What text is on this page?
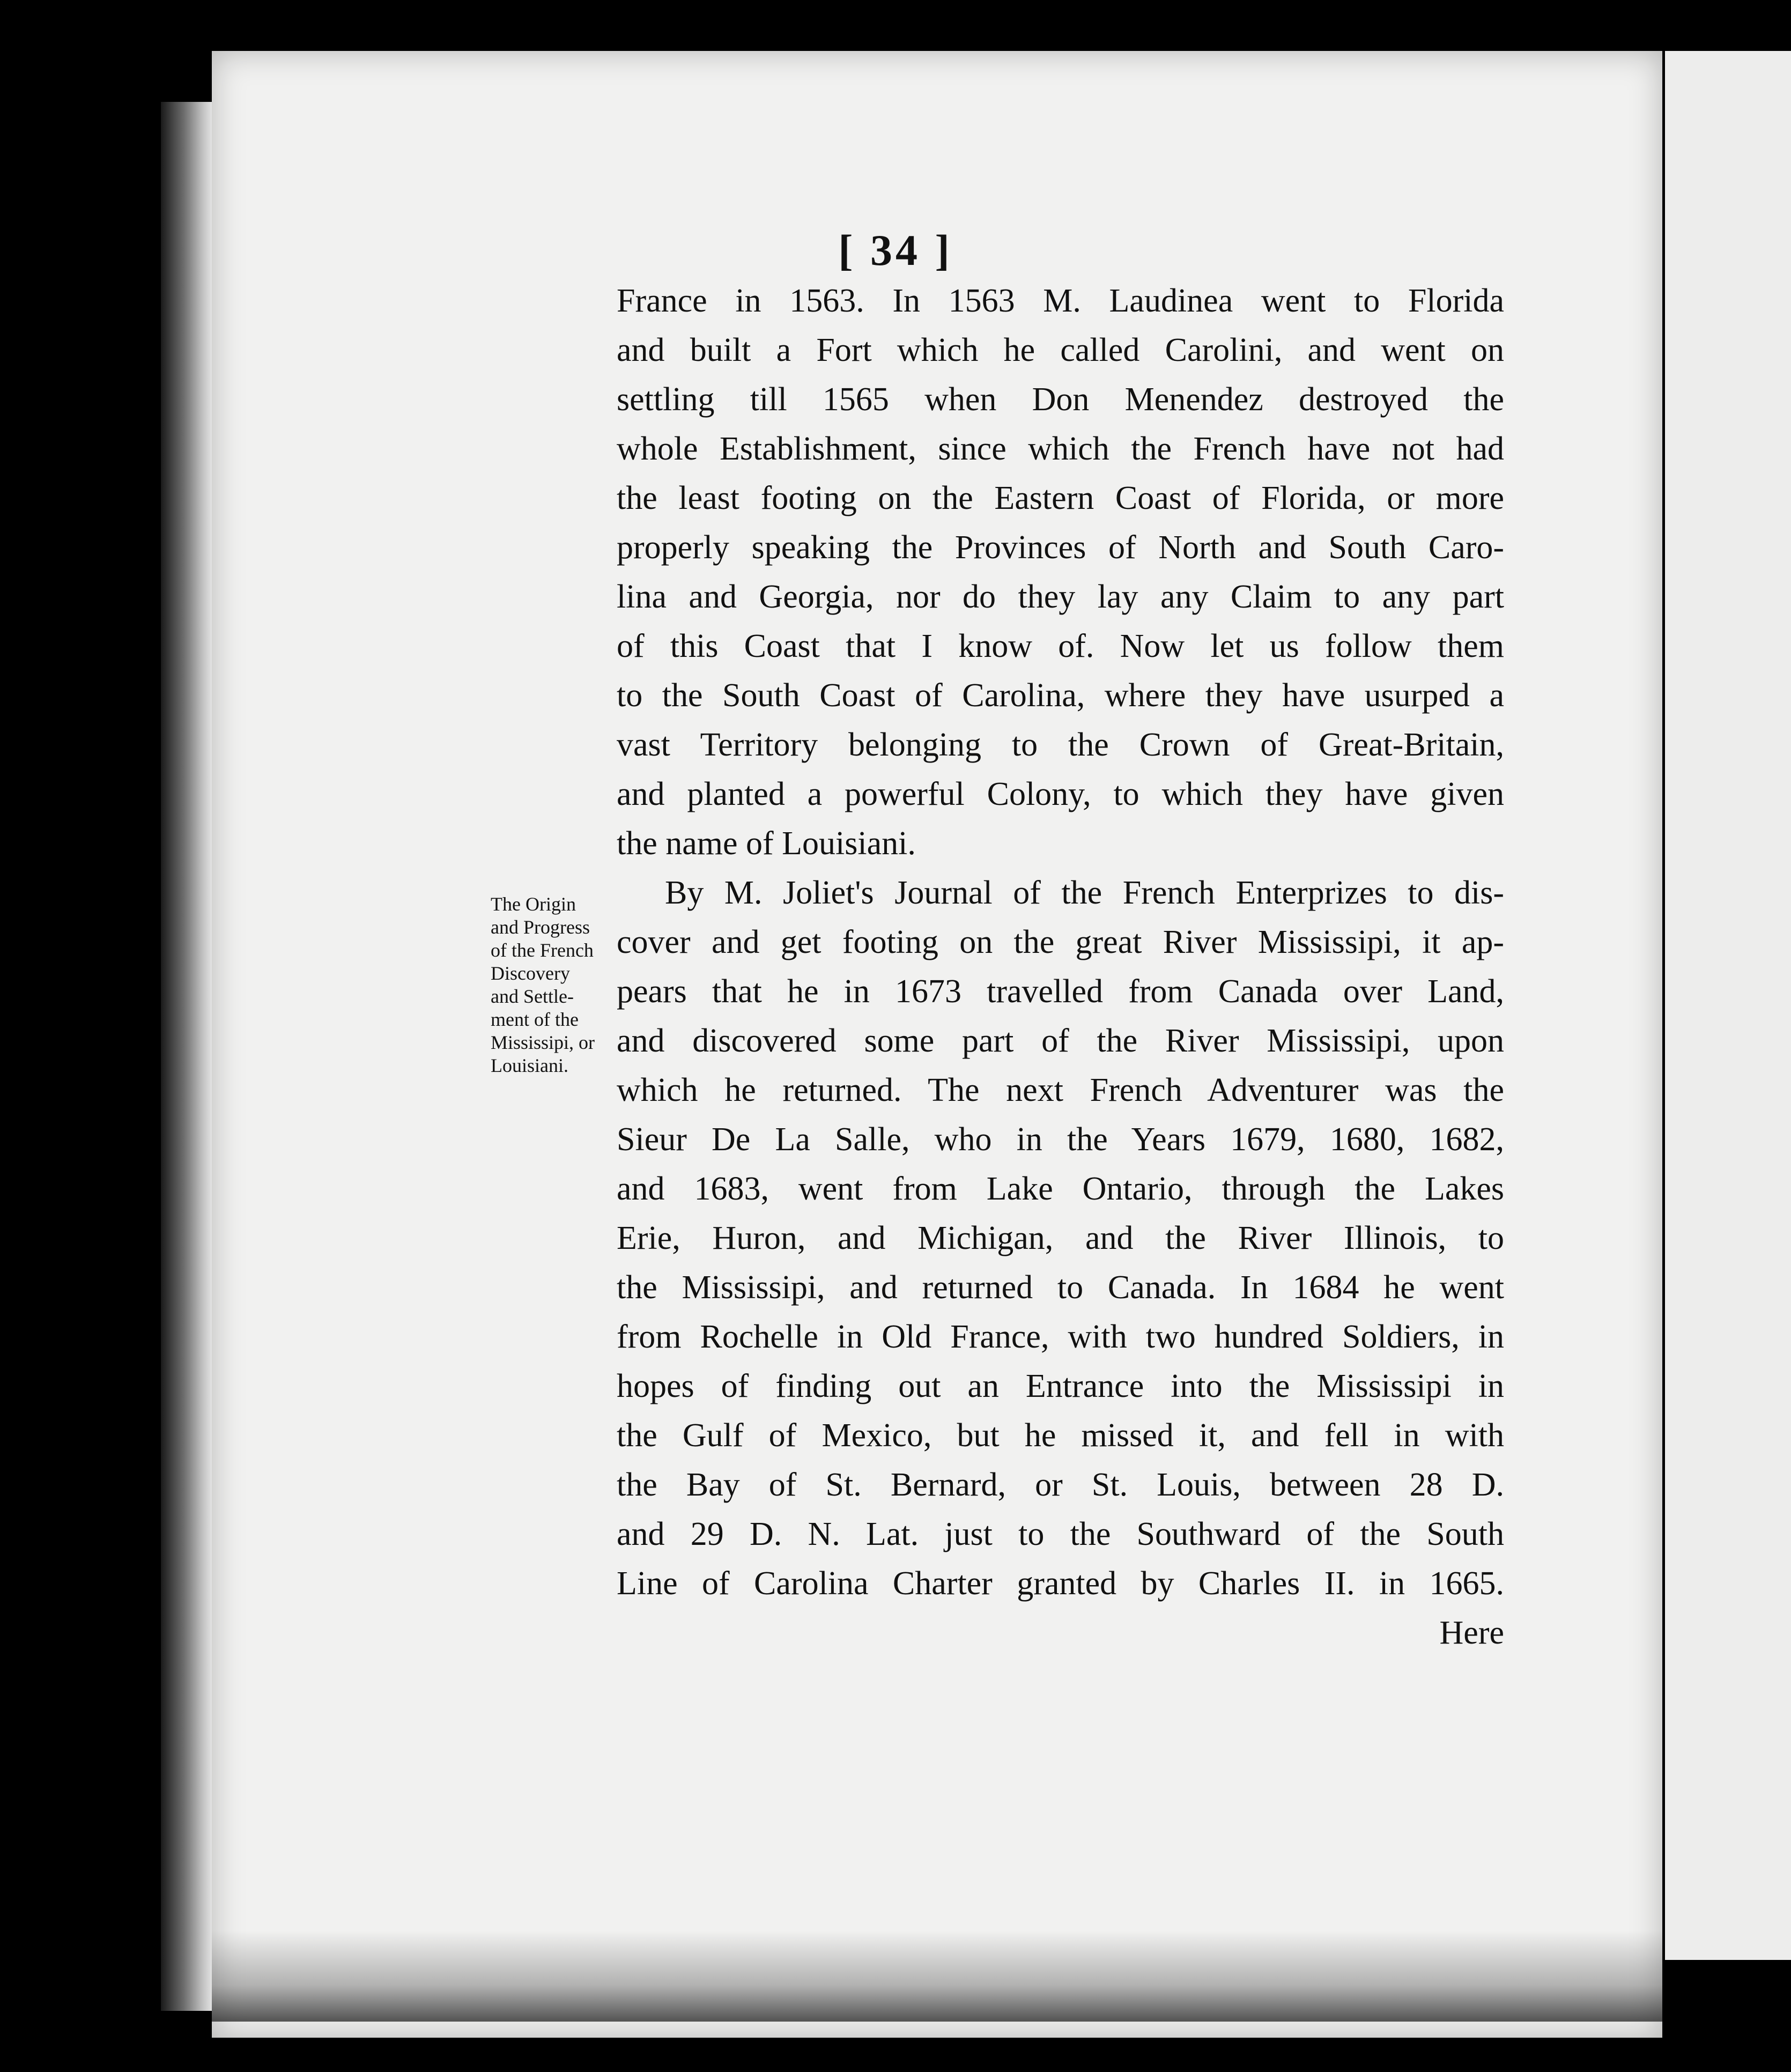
[ 34 ]
The Origin
and Progress
of the French
Discovery
and Settle-
ment of the
Mississipi, or
Louisiani.
France in 1563. In 1563 M. Laudinea went to Florida
and built a Fort which he called Carolini, and went on
settling till 1565 when Don Menendez destroyed the
whole Establishment, since which the French have not had
the least footing on the Eastern Coast of Florida, or more
properly speaking the Provinces of North and South Caro-
lina and Georgia, nor do they lay any Claim to any part
of this Coast that I know of. Now let us follow them
to the South Coast of Carolina, where they have usurped a
vast Territory belonging to the Crown of Great-Britain,
and planted a powerful Colony, to which they have given
the name of Louisiani.
By M. Joliet's Journal of the French Enterprizes to dis-
cover and get footing on the great River Mississipi, it ap-
pears that he in 1673 travelled from Canada over Land,
and discovered some part of the River Mississipi, upon
which he returned. The next French Adventurer was the
Sieur De La Salle, who in the Years 1679, 1680, 1682,
and 1683, went from Lake Ontario, through the Lakes
Erie, Huron, and Michigan, and the River Illinois, to
the Mississipi, and returned to Canada. In 1684 he went
from Rochelle in Old France, with two hundred Soldiers, in
hopes of finding out an Entrance into the Mississipi in
the Gulf of Mexico, but he missed it, and fell in with
the Bay of St. Bernard, or St. Louis, between 28 D.
and 29 D. N. Lat. just to the Southward of the South
Line of Carolina Charter granted by Charles II. in 1665.
Here
